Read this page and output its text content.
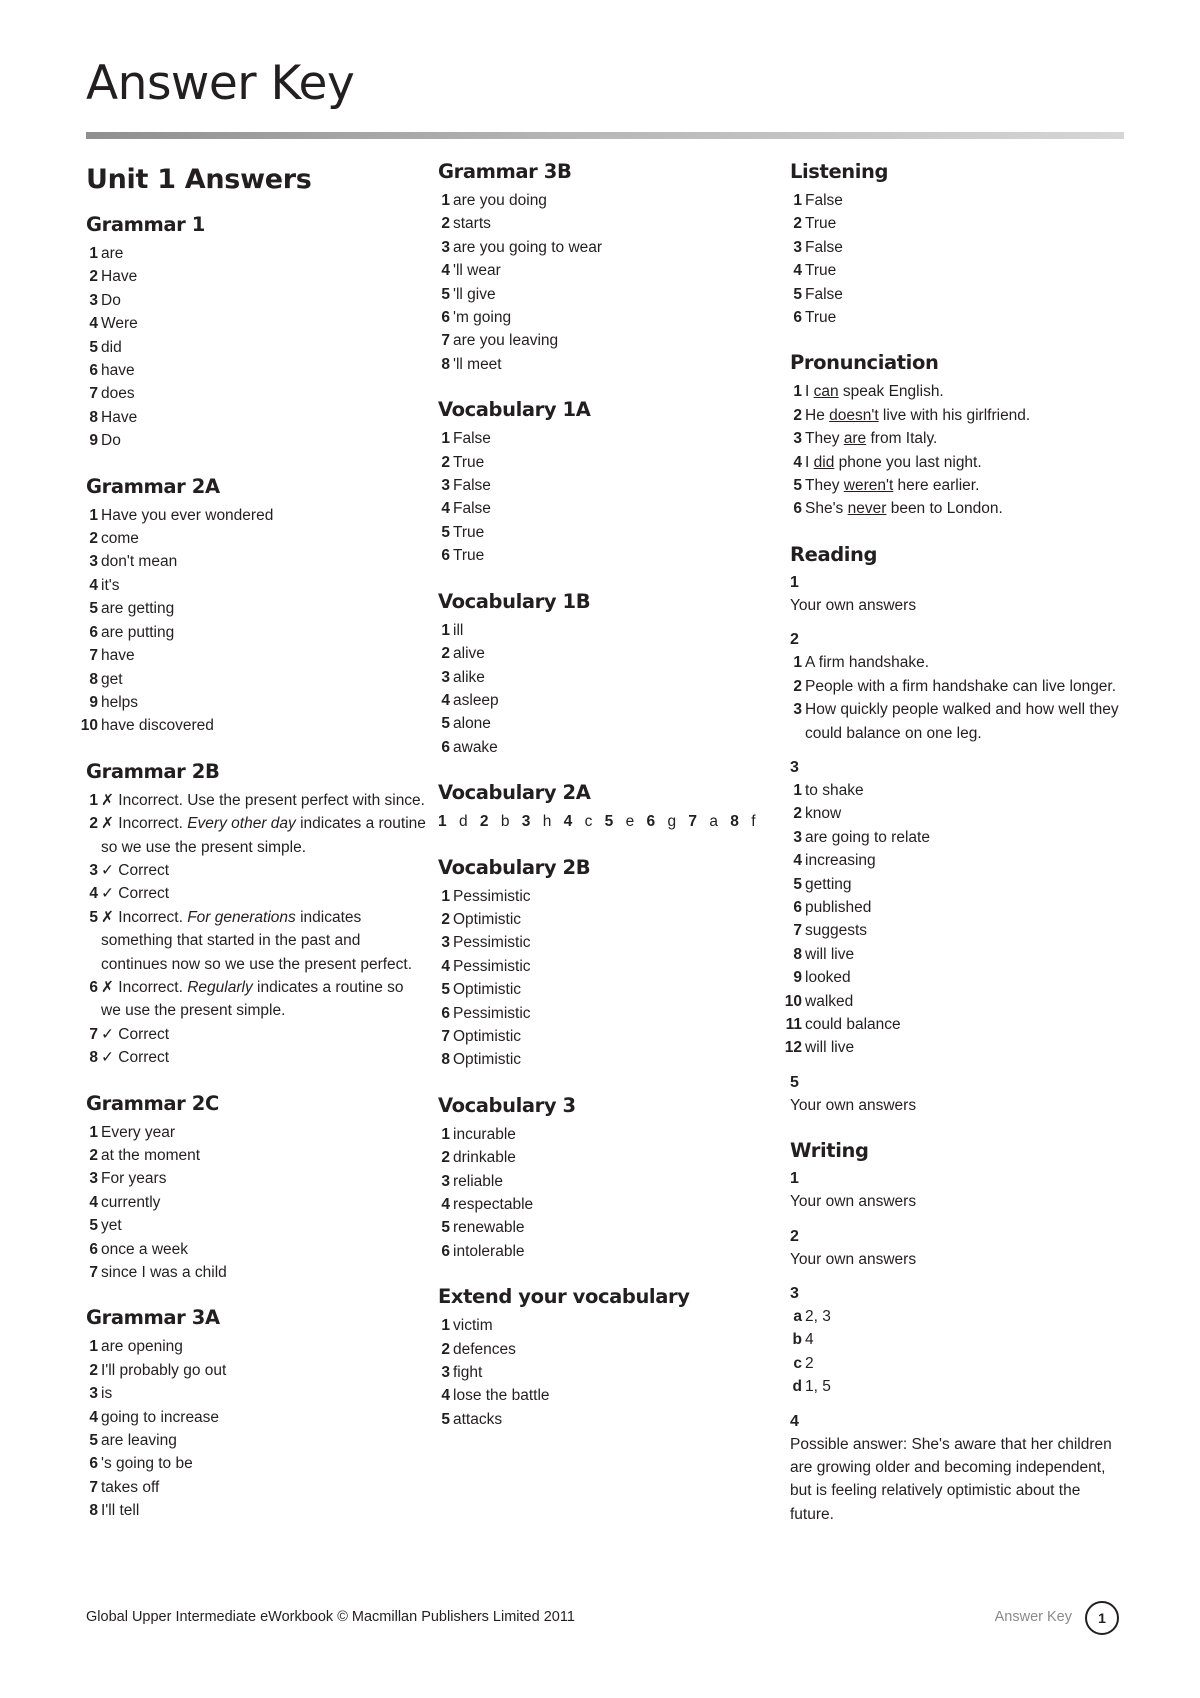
Answer Key
Unit 1 Answers
Grammar 1
1 are
2 Have
3 Do
4 Were
5 did
6 have
7 does
8 Have
9 Do
Grammar 2A
1 Have you ever wondered
2 come
3 don't mean
4 it's
5 are getting
6 are putting
7 have
8 get
9 helps
10 have discovered
Grammar 2B
1 ✗ Incorrect. Use the present perfect with since.
2 ✗ Incorrect. Every other day indicates a routine so we use the present simple.
3 ✓ Correct
4 ✓ Correct
5 ✗ Incorrect. For generations indicates something that started in the past and continues now so we use the present perfect.
6 ✗ Incorrect. Regularly indicates a routine so we use the present simple.
7 ✓ Correct
8 ✓ Correct
Grammar 2C
1 Every year
2 at the moment
3 For years
4 currently
5 yet
6 once a week
7 since I was a child
Grammar 3A
1 are opening
2 I'll probably go out
3 is
4 going to increase
5 are leaving
6 's going to be
7 takes off
8 I'll tell
Grammar 3B
1 are you doing
2 starts
3 are you going to wear
4 'll wear
5 'll give
6 'm going
7 are you leaving
8 'll meet
Vocabulary 1A
1 False
2 True
3 False
4 False
5 True
6 True
Vocabulary 1B
1 ill
2 alive
3 alike
4 asleep
5 alone
6 awake
Vocabulary 2A
1 d 2 b 3 h 4 c 5 e 6 g 7 a 8 f
Vocabulary 2B
1 Pessimistic
2 Optimistic
3 Pessimistic
4 Pessimistic
5 Optimistic
6 Pessimistic
7 Optimistic
8 Optimistic
Vocabulary 3
1 incurable
2 drinkable
3 reliable
4 respectable
5 renewable
6 intolerable
Extend your vocabulary
1 victim
2 defences
3 fight
4 lose the battle
5 attacks
Listening
1 False
2 True
3 False
4 True
5 False
6 True
Pronunciation
1 I can speak English.
2 He doesn't live with his girlfriend.
3 They are from Italy.
4 I did phone you last night.
5 They weren't here earlier.
6 She's never been to London.
Reading
1

Your own answers

2
1 A firm handshake.
2 People with a firm handshake can live longer.
3 How quickly people walked and how well they could balance on one leg.
3
1 to shake
2 know
3 are going to relate
4 increasing
5 getting
6 published
7 suggests
8 will live
9 looked
10 walked
11 could balance
12 will live
5

Your own answers

Writing
1

Your own answers

2

Your own answers

3
a 2, 3
b 4
c 2
d 1, 5
4

Possible answer: She's aware that her children are growing older and becoming independent, but is feeling relatively optimistic about the future.

Global Upper Intermediate eWorkbook © Macmillan Publishers Limited 2011	Answer Key	1
